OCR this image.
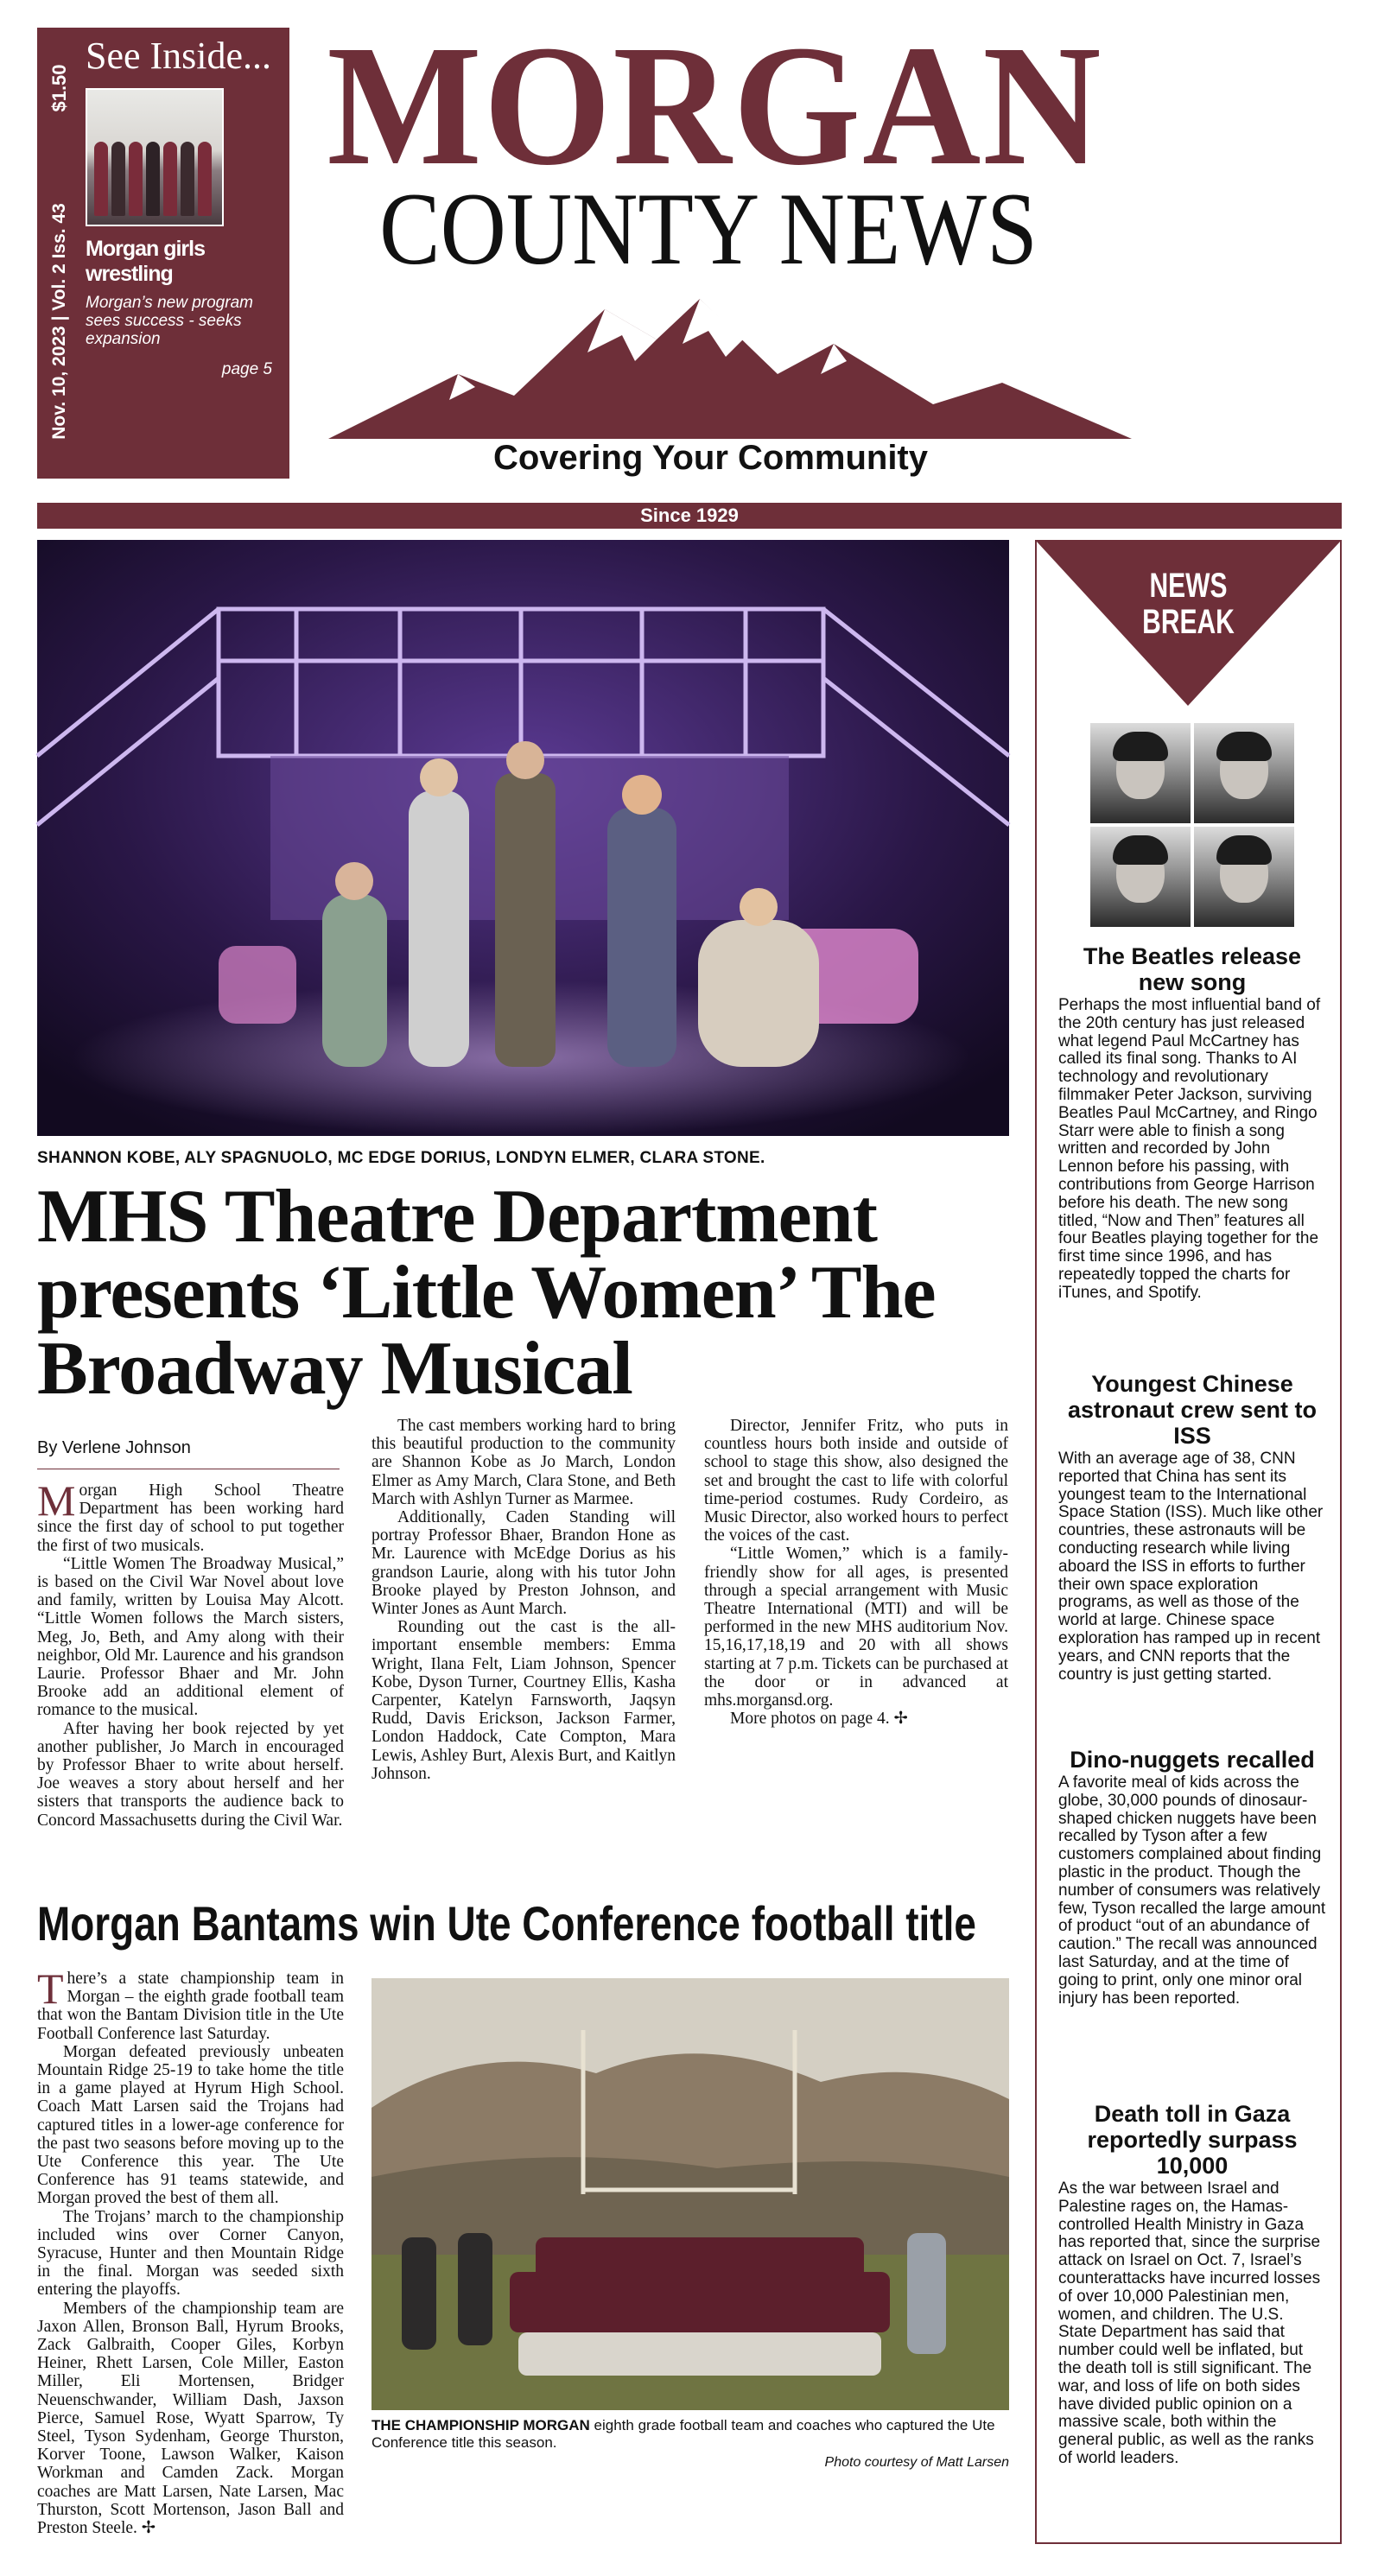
$1.50
Nov. 10, 2023 | Vol. 2 Iss. 43
See Inside...
Morgan girls wrestling
Morgan’s new program sees success - seeks expansion
page 5
MORGAN
COUNTY NEWS
Covering Your Community
Since 1929
SHANNON KOBE, ALY SPAGNUOLO, MC EDGE DORIUS, LONDYN ELMER, CLARA STONE.
MHS Theatre Department presents ‘Little Women’ The Broadway Musical
By Verlene Johnson

Morgan High School Theatre Department has been working hard since the first day of school to put together the first of two musicals.

“Little Women The Broadway Musical,” is based on the Civil War Novel about love and family, written by Louisa May Alcott. “Little Women follows the March sisters, Meg, Jo, Beth, and Amy along with their neighbor, Old Mr. Laurence and his grandson Laurie. Professor Bhaer and Mr. John Brooke add an additional element of romance to the musical.

After having her book rejected by yet another publisher, Jo March in encouraged by Professor Bhaer to write about herself. Joe weaves a story about herself and her sisters that transports the audience back to Concord Massachusetts during the Civil War.

The cast members working hard to bring this beautiful production to the community are Shannon Kobe as Jo March, London Elmer as Amy March, Clara Stone, and Beth March with Ashlyn Turner as Marmee.

Additionally, Caden Standing will portray Professor Bhaer, Brandon Hone as Mr. Laurence with McEdge Dorius as his grandson Laurie, along with his tutor John Brooke played by Preston Johnson, and Winter Jones as Aunt March.

Rounding out the cast is the all-important ensemble members: Emma Wright, Ilana Felt, Liam Johnson, Spencer Kobe, Dyson Turner, Courtney Ellis, Kasha Carpenter, Katelyn Farnsworth, Jaqsyn Rudd, Davis Erickson, Jackson Farmer, London Haddock, Cate Compton, Mara Lewis, Ashley Burt, Alexis Burt, and Kaitlyn Johnson.

Director, Jennifer Fritz, who puts in countless hours both inside and outside of school to stage this show, also designed the set and brought the cast to life with colorful time-period costumes. Rudy Cordeiro, as Music Director, also worked hours to perfect the voices of the cast.

“Little Women,” which is a family-friendly show for all ages, is presented through a special arrangement with Music Theatre International (MTI) and will be performed in the new MHS auditorium Nov. 15,16,17,18,19 and 20 with all shows starting at 7 p.m. Tickets can be purchased at the door or in advanced at mhs.morgansd.org.

More photos on page 4. ✢

Morgan Bantams win Ute Conference football title

There’s a state championship team in Morgan – the eighth grade football team that won the Bantam Division title in the Ute Football Conference last Saturday.

Morgan defeated previously unbeaten Mountain Ridge 25-19 to take home the title in a game played at Hyrum High School. Coach Matt Larsen said the Trojans had captured titles in a lower-age conference for the past two seasons before moving up to the Ute Conference this year. The Ute Conference has 91 teams statewide, and Morgan proved the best of them all.

The Trojans’ march to the championship included wins over Corner Canyon, Syracuse, Hunter and then Mountain Ridge in the final. Morgan was seeded sixth entering the playoffs.

Members of the championship team are Jaxon Allen, Bronson Ball, Hyrum Brooks, Zack Galbraith, Cooper Giles, Korbyn Heiner, Rhett Larsen, Cole Miller, Easton Miller, Eli Mortensen, Bridger Neuenschwander, William Dash, Jaxson Pierce, Samuel Rose, Wyatt Sparrow, Ty Steel, Tyson Sydenham, George Thurston, Korver Toone, Lawson Walker, Kaison Workman and Camden Zack. Morgan coaches are Matt Larsen, Nate Larsen, Mac Thurston, Scott Mortenson, Jason Ball and Preston Steele. ✢

THE CHAMPIONSHIP MORGAN eighth grade football team and coaches who captured the Ute Conference title this season.
Photo courtesy of Matt Larsen
NEWS
BREAK
The Beatles release new song

Perhaps the most influential band of the 20th century has just released what legend Paul McCartney has called its final song. Thanks to AI technology and revolutionary filmmaker Peter Jackson, surviving Beatles Paul McCartney, and Ringo Starr were able to finish a song written and recorded by John Lennon before his passing, with contributions from George Harrison before his death. The new song titled, “Now and Then” features all four Beatles playing together for the first time since 1996, and has repeatedly topped the charts for iTunes, and Spotify.

Youngest Chinese astronaut crew sent to ISS

With an average age of 38, CNN reported that China has sent its youngest team to the International Space Station (ISS). Much like other countries, these astronauts will be conducting research while living aboard the ISS in efforts to further their own space exploration programs, as well as those of the world at large. Chinese space exploration has ramped up in recent years, and CNN reports that the country is just getting started.

Dino-nuggets recalled

A favorite meal of kids across the globe, 30,000 pounds of dinosaur-shaped chicken nuggets have been recalled by Tyson after a few customers complained about finding plastic in the product. Though the number of consumers was relatively few, Tyson recalled the large amount of product “out of an abundance of caution.” The recall was announced last Saturday, and at the time of going to print, only one minor oral injury has been reported.

Death toll in Gaza reportedly surpass 10,000

As the war between Israel and Palestine rages on, the Hamas-controlled Health Ministry in Gaza has reported that, since the surprise attack on Israel on Oct. 7, Israel’s counterattacks have incurred losses of over 10,000 Palestinian men, women, and children. The U.S. State Department has said that number could well be inflated, but the death toll is still significant. The war, and loss of life on both sides have divided public opinion on a massive scale, both within the general public, as well as the ranks of world leaders.
